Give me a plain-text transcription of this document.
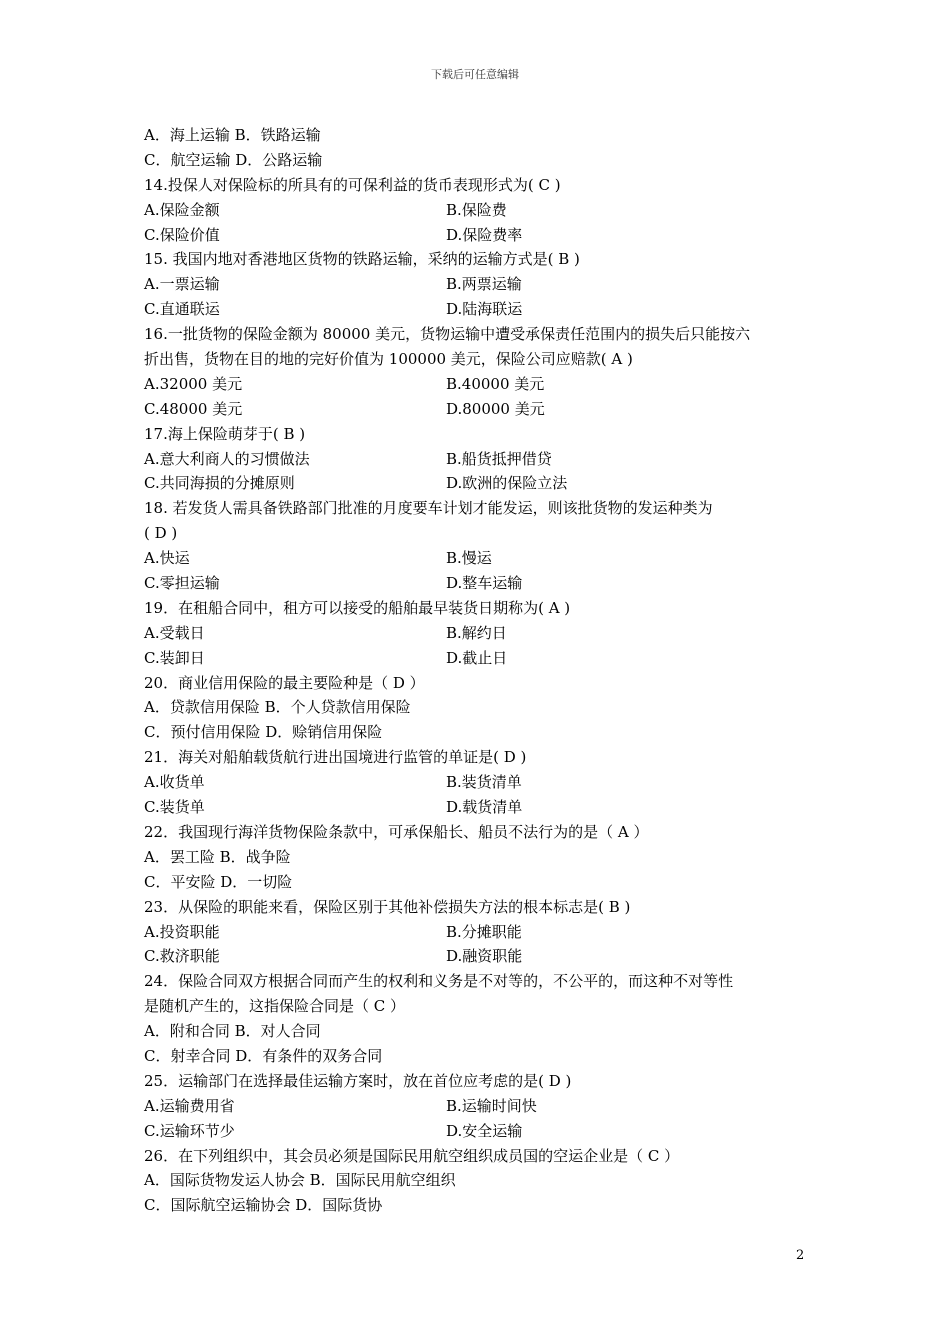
下载后可任意编辑
A．海上运输 B．铁路运输
C．航空运输 D．公路运输
14.投保人对保险标的所具有的可保利益的货币表现形式为( C )
A.保险金额	B.保险费
C.保险价值	D.保险费率
15. 我国内地对香港地区货物的铁路运输，采纳的运输方式是( B )
A.一票运输	B.两票运输
C.直通联运	D.陆海联运
16.一批货物的保险金额为 80000 美元，货物运输中遭受承保责任范围内的损失后只能按六
折出售，货物在目的地的完好价值为 100000 美元，保险公司应赔款( A )
A.32000 美元	B.40000 美元
C.48000 美元	D.80000 美元
17.海上保险萌芽于( B )
A.意大利商人的习惯做法	B.船货抵押借贷
C.共同海损的分摊原则	D.欧洲的保险立法
18. 若发货人需具备铁路部门批准的月度要车计划才能发运，则该批货物的发运种类为
( D )
A.快运	B.慢运
C.零担运输	D.整车运输
19．在租船合同中，租方可以接受的船舶最早装货日期称为( A )
A.受载日	B.解约日
C.装卸日	D.截止日
20．商业信用保险的最主要险种是（ D ）
A．贷款信用保险 B．个人贷款信用保险
C．预付信用保险 D．赊销信用保险
21．海关对船舶载货航行进出国境进行监管的单证是( D )
A.收货单	B.装货清单
C.装货单	D.载货清单
22．我国现行海洋货物保险条款中，可承保船长、船员不法行为的是（ A ）
A．罢工险 B．战争险
C．平安险 D．一切险
23．从保险的职能来看，保险区别于其他补偿损失方法的根本标志是( B )
A.投资职能	B.分摊职能
C.救济职能	D.融资职能
24．保险合同双方根据合同而产生的权利和义务是不对等的，不公平的，而这种不对等性
是随机产生的，这指保险合同是（ C ）
A．附和合同 B．对人合同
C．射幸合同 D．有条件的双务合同
25．运输部门在选择最佳运输方案时，放在首位应考虑的是( D )
A.运输费用省	B.运输时间快
C.运输环节少	D.安全运输
26．在下列组织中，其会员必须是国际民用航空组织成员国的空运企业是（ C ）
A．国际货物发运人协会 B．国际民用航空组织
C．国际航空运输协会 D．国际货协
2
